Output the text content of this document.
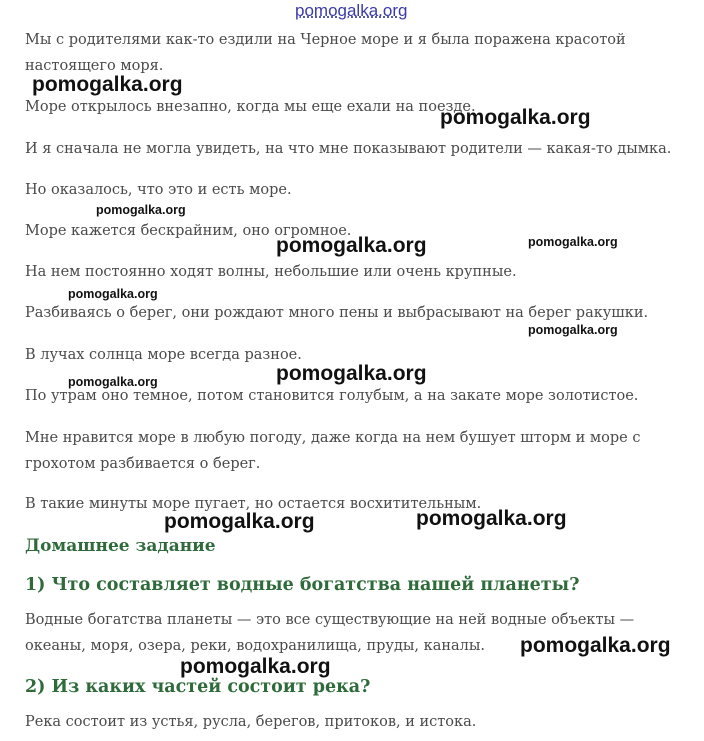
pomogalka.org

Мы с родителями как-то ездили на Черное море и я была поражена красотой настоящего моря.

Море открылось внезапно, когда мы еще ехали на поезде.

И я сначала не могла увидеть, на что мне показывают родители — какая-то дымка.

Но оказалось, что это и есть море.

Море кажется бескрайним, оно огромное.

На нем постоянно ходят волны, небольшие или очень крупные.

Разбиваясь о берег, они рождают много пены и выбрасывают на берег ракушки.

В лучах солнца море всегда разное.

По утрам оно темное, потом становится голубым, а на закате море золотистое.

Мне нравится море в любую погоду, даже когда на нем бушует шторм и море с грохотом разбивается о берег.

В такие минуты море пугает, но остается восхитительным.

Домашнее задание
1) Что составляет водные богатства нашей планеты?

Водные богатства планеты — это все существующие на ней водные объекты — океаны, моря, озера, реки, водохранилища, пруды, каналы.

2) Из каких частей состоит река?

Река состоит из устья, русла, берегов, притоков, и истока.

pomogalka.org
pomogalka.org
pomogalka.org
pomogalka.org	pomogalka.org
pomogalka.org
pomogalka.org
pomogalka.org
pomogalka.org
pomogalka.org	pomogalka.org
pomogalka.org
pomogalka.org
